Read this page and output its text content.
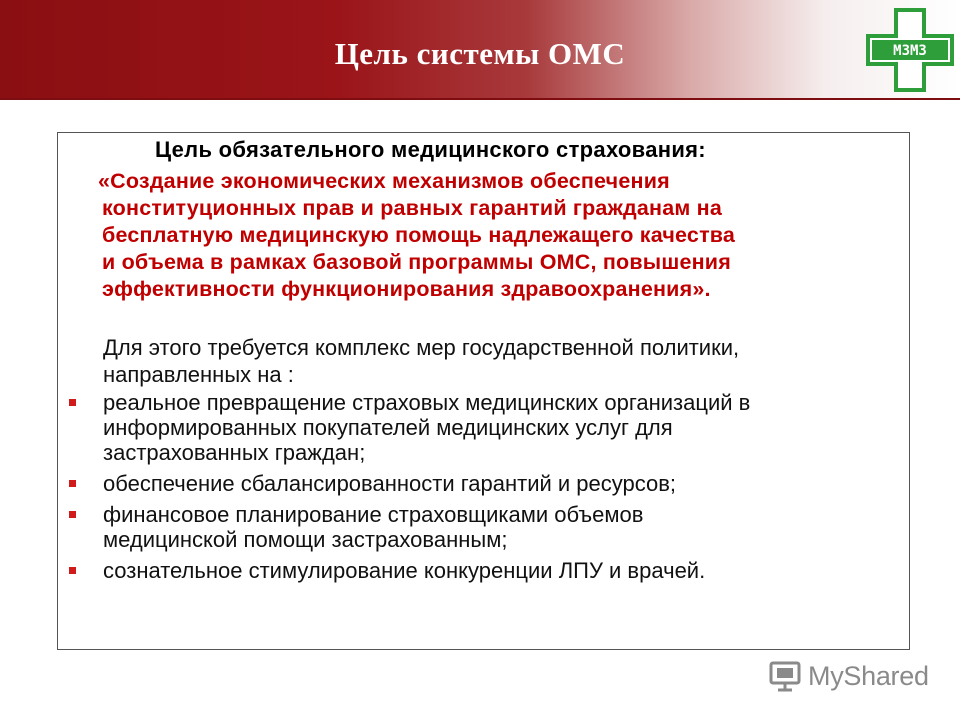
Цель системы ОМС	МЗМЗ
Цель обязательного медицинского страхования:
«Создание экономических механизмов обеспечения
конституционных прав и равных гарантий гражданам на
бесплатную медицинскую помощь надлежащего качества
и объема в рамках базовой программы ОМС, повышения
эффективности функционирования здравоохранения».
Для этого требуется комплекс мер государственной политики,
направленных на :
реальное превращение страховых медицинских организаций в
информированных покупателей медицинских услуг для
застрахованных граждан;
обеспечение сбалансированности гарантий и ресурсов;
финансовое планирование страховщиками объемов
медицинской помощи застрахованным;
сознательное стимулирование конкуренции ЛПУ и врачей.
MyShared
